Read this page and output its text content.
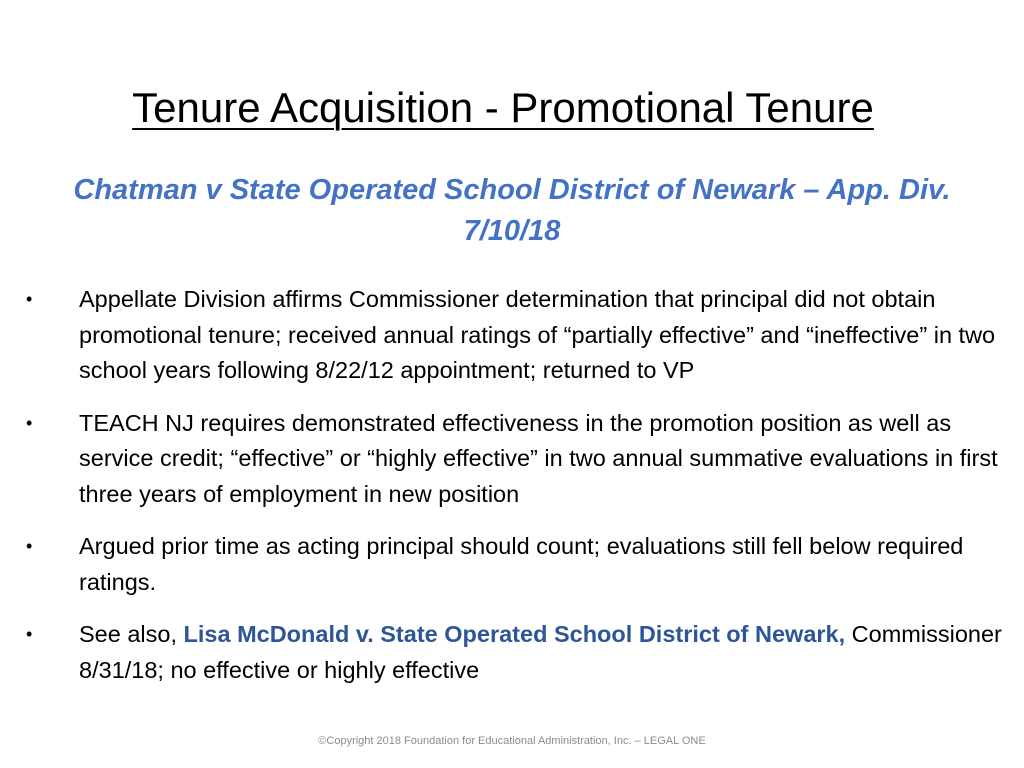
Tenure Acquisition - Promotional Tenure
Chatman v State Operated School District of Newark – App. Div. 7/10/18
• Appellate Division affirms Commissioner determination that principal did not obtain promotional tenure; received annual ratings of “partially effective” and “ineffective” in two school years following 8/22/12 appointment; returned to VP
• TEACH NJ requires demonstrated effectiveness in the promotion position as well as service credit; “effective” or “highly effective” in two annual summative evaluations in first three years of employment in new position
• Argued prior time as acting principal should count; evaluations still fell below required ratings.
• See also, Lisa McDonald v. State Operated School District of Newark, Commissioner 8/31/18; no effective or highly effective
©Copyright 2018 Foundation for Educational Administration, Inc. – LEGAL ONE
